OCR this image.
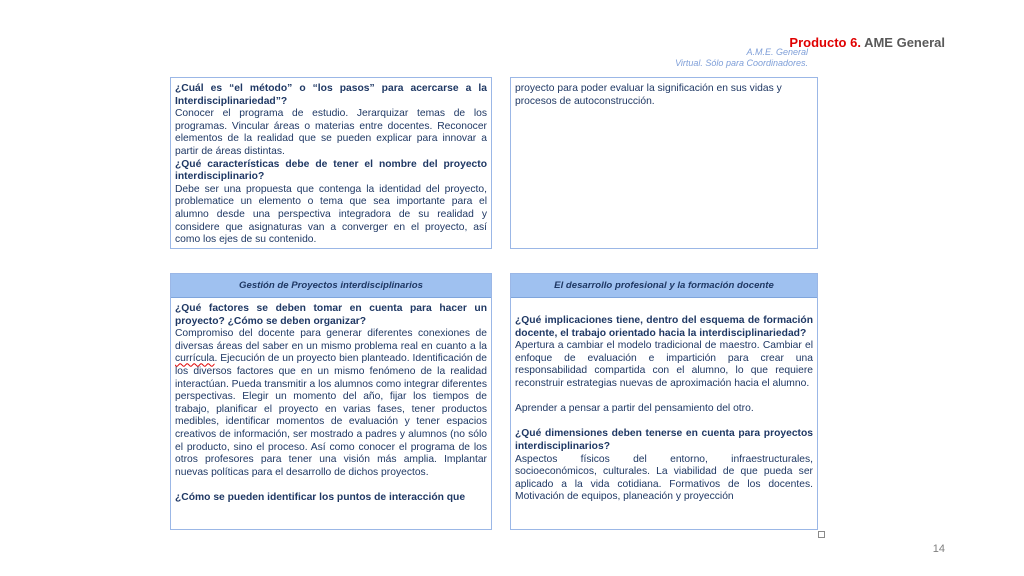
Producto 6. AME General
A.M.E. General
Virtual. Sólo para Coordinadores.

¿Cuál es “el método” o “los pasos” para acercarse a la Interdisciplinariedad”?

Conocer el programa de estudio. Jerarquizar temas de los programas. Vincular áreas o materias entre docentes. Reconocer elementos de la realidad que se pueden explicar para innovar a partir de áreas distintas.

¿Qué características debe de tener el nombre del proyecto interdisciplinario?

Debe ser una propuesta que contenga la identidad del proyecto, problematice un elemento o tema que sea importante para el alumno desde una perspectiva integradora de su realidad y considere que asignaturas van a converger en el proyecto, así como los ejes de su contenido.

proyecto para poder evaluar la significación en sus vidas y procesos de autoconstrucción.

Gestión de Proyectos interdisciplinarios

¿Qué factores se deben tomar en cuenta para hacer un proyecto? ¿Cómo se deben organizar?

Compromiso del docente para generar diferentes conexiones de diversas áreas del saber en un mismo problema real en cuanto a la currícula. Ejecución de un proyecto bien planteado. Identificación de los diversos factores que en un mismo fenómeno de la realidad interactúan. Pueda transmitir a los alumnos como integrar diferentes perspectivas. Elegir un momento del año, fijar los tiempos de trabajo, planificar el proyecto en varias fases, tener productos medibles, identificar momentos de evaluación y tener espacios creativos de información, ser mostrado a padres y alumnos (no sólo el producto, sino el proceso. Así como conocer el programa de los otros profesores para tener una visión más amplia. Implantar nuevas políticas para el desarrollo de dichos proyectos.

¿Cómo se pueden identificar los puntos de interacción que

El desarrollo profesional y la formación docente

¿Qué implicaciones tiene, dentro del esquema de formación docente, el trabajo orientado hacia la interdisciplinariedad?

Apertura a cambiar el modelo tradicional de maestro. Cambiar el enfoque de evaluación e impartición para crear una responsabilidad compartida con el alumno, lo que requiere reconstruir estrategias nuevas de aproximación hacia el alumno.

Aprender a pensar a partir del pensamiento del otro.

¿Qué dimensiones deben tenerse en cuenta para proyectos interdisciplinarios?

Aspectos físicos del entorno, infraestructurales, socioeconómicos, culturales. La viabilidad de que pueda ser aplicado a la vida cotidiana. Formativos de los docentes. Motivación de equipos, planeación y proyección

14
